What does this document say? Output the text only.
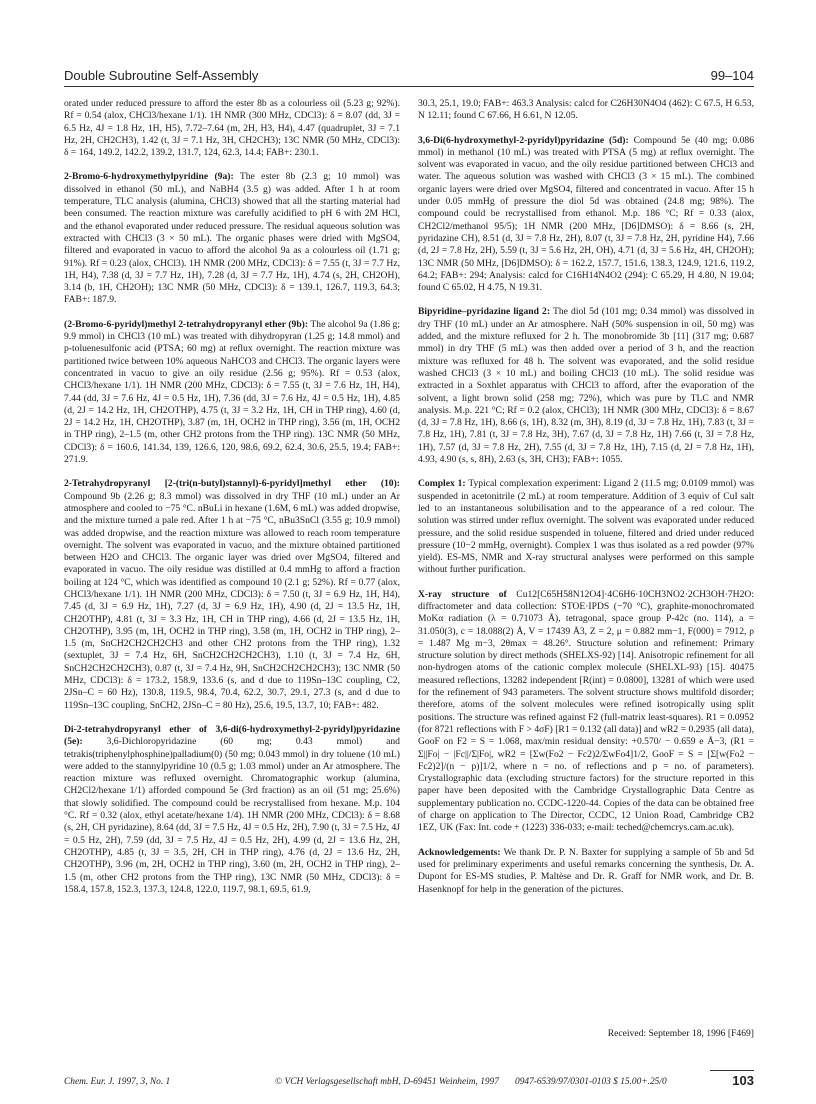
Double Subroutine Self-Assembly	99–104

orated under reduced pressure to afford the ester 8b as a colourless oil (5.23 g; 92%). Rf = 0.54 (alox, CHCl3/hexane 1/1). 1H NMR (300 MHz, CDCl3): δ = 8.07 (dd, 3J = 6.5 Hz, 4J = 1.8 Hz, 1H, H5), 7.72–7.64 (m, 2H, H3, H4), 4.47 (quadruplet, 3J = 7.1 Hz, 2H, CH2CH3), 1.42 (t, 3J = 7.1 Hz, 3H, CH2CH3); 13C NMR (50 MHz, CDCl3): δ = 164, 149.2, 142.2, 139.2, 131.7, 124, 62.3, 14.4; FAB+: 230.1.

2-Bromo-6-hydroxymethylpyridine (9a): The ester 8b (2.3 g; 10 mmol) was dissolved in ethanol (50 mL), and NaBH4 (3.5 g) was added. After 1 h at room temperature, TLC analysis (alumina, CHCl3) showed that all the starting material had been consumed. The reaction mixture was carefully acidified to pH 6 with 2M HCl, and the ethanol evaporated under reduced pressure. The residual aqueous solution was extracted with CHCl3 (3 × 50 mL). The organic phases were dried with MgSO4, filtered and evaporated in vacuo to afford the alcohol 9a as a colourless oil (1.71 g; 91%). Rf = 0.23 (alox, CHCl3). 1H NMR (200 MHz, CDCl3): δ = 7.55 (t, 3J = 7.7 Hz, 1H, H4), 7.38 (d, 3J = 7.7 Hz, 1H), 7.28 (d, 3J = 7.7 Hz, 1H), 4.74 (s, 2H, CH2OH), 3.14 (b, 1H, CH2OH); 13C NMR (50 MHz, CDCl3): δ = 139.1, 126.7, 119.3, 64.3; FAB+: 187.9.

(2-Bromo-6-pyridyl)methyl 2-tetrahydropyranyl ether (9b): The alcohol 9a (1.86 g; 9.9 mmol) in CHCl3 (10 mL) was treated with dihydropyran (1.25 g; 14.8 mmol) and p-toluenesulfonic acid (PTSA; 60 mg) at reflux overnight. The reaction mixture was partitioned twice between 10% aqueous NaHCO3 and CHCl3. The organic layers were concentrated in vacuo to give an oily residue (2.56 g; 95%). Rf = 0.53 (alox, CHCl3/hexane 1/1). 1H NMR (200 MHz, CDCl3): δ = 7.55 (t, 3J = 7.6 Hz, 1H, H4), 7.44 (dd, 3J = 7.6 Hz, 4J = 0.5 Hz, 1H), 7.36 (dd, 3J = 7.6 Hz, 4J = 0.5 Hz, 1H), 4.85 (d, 2J = 14.2 Hz, 1H, CH2OTHP), 4.75 (t, 3J = 3.2 Hz, 1H, CH in THP ring), 4.60 (d, 2J = 14.2 Hz, 1H, CH2OTHP), 3.87 (m, 1H, OCH2 in THP ring), 3.56 (m, 1H, OCH2 in THP ring), 2–1.5 (m, other CH2 protons from the THP ring). 13C NMR (50 MHz, CDCl3): δ = 160.6, 141.34, 139, 126.6, 120, 98.6, 69.2, 62.4, 30.6, 25.5, 19.4; FAB+: 271.9.

2-Tetrahydropyranyl [2-(tri(n-butyl)stannyl)-6-pyridyl]methyl ether (10): Compound 9b (2.26 g; 8.3 mmol) was dissolved in dry THF (10 mL) under an Ar atmosphere and cooled to −75 °C. nBuLi in hexane (1.6M, 6 mL) was added dropwise, and the mixture turned a pale red. After 1 h at −75 °C, nBu3SnCl (3.55 g; 10.9 mmol) was added dropwise, and the reaction mixture was allowed to reach room temperature overnight. The solvent was evaporated in vacuo, and the mixture obtained partitioned between H2O and CHCl3. The organic layer was dried over MgSO4, filtered and evaporated in vacuo. The oily residue was distilled at 0.4 mmHg to afford a fraction boiling at 124 °C, which was identified as compound 10 (2.1 g; 52%). Rf = 0.77 (alox, CHCl3/hexane 1/1). 1H NMR (200 MHz, CDCl3): δ = 7.50 (t, 3J = 6.9 Hz, 1H, H4), 7.45 (d, 3J = 6.9 Hz, 1H), 7.27 (d, 3J = 6.9 Hz, 1H), 4.90 (d, 2J = 13.5 Hz, 1H, CH2OTHP), 4.81 (t, 3J = 3.3 Hz, 1H, CH in THP ring), 4.66 (d, 2J = 13.5 Hz, 1H, CH2OTHP), 3.95 (m, 1H, OCH2 in THP ring), 3.58 (m, 1H, OCH2 in THP ring), 2–1.5 (m, SnCH2CH2CH2CH3 and other CH2 protons from the THP ring), 1.32 (sextuplet, 3J = 7.4 Hz, 6H, SnCH2CH2CH2CH3), 1.10 (t, 3J = 7.4 Hz, 6H, SnCH2CH2CH2CH3), 0.87 (t, 3J = 7.4 Hz, 9H, SnCH2CH2CH2CH3); 13C NMR (50 MHz, CDCl3): δ = 173.2, 158.9, 133.6 (s, and d due to 119Sn–13C coupling, C2, 2JSn–C = 60 Hz), 130.8, 119.5, 98.4, 70.4, 62.2, 30.7, 29.1, 27.3 (s, and d due to 119Sn–13C coupling, SnCH2, 2JSn–C = 80 Hz), 25.6, 19.5, 13.7, 10; FAB+: 482.

Di-2-tetrahydropyranyl ether of 3,6-di(6-hydroxymethyl-2-pyridyl)pyridazine (5e): 3,6-Dichloropyridazine (60 mg; 0.43 mmol) and tetrakis(triphenylphosphine)palladium(0) (50 mg; 0.043 mmol) in dry toluene (10 mL) were added to the stannylpyridine 10 (0.5 g; 1.03 mmol) under an Ar atmosphere. The reaction mixture was refluxed overnight. Chromatographic workup (alumina, CH2Cl2/hexane 1/1) afforded compound 5e (3rd fraction) as an oil (51 mg; 25.6%) that slowly solidified. The compound could be recrystallised from hexane. M.p. 104 °C. Rf = 0.32 (alox, ethyl acetate/hexane 1/4). 1H NMR (200 MHz, CDCl3): δ = 8.68 (s, 2H, CH pyridazine), 8.64 (dd, 3J = 7.5 Hz, 4J = 0.5 Hz, 2H), 7.90 (t, 3J = 7.5 Hz, 4J = 0.5 Hz, 2H), 7.59 (dd, 3J = 7.5 Hz, 4J = 0.5 Hz, 2H), 4.99 (d, 2J = 13.6 Hz, 2H, CH2OTHP), 4.85 (t, 3J = 3.5, 2H, CH in THP ring), 4.76 (d, 2J = 13.6 Hz, 2H, CH2OTHP), 3.96 (m, 2H, OCH2 in THP ring), 3.60 (m, 2H, OCH2 in THP ring), 2–1.5 (m, other CH2 protons from the THP ring), 13C NMR (50 MHz, CDCl3): δ = 158.4, 157.8, 152.3, 137.3, 124.8, 122.0, 119.7, 98.1, 69.5, 61.9,

30.3, 25.1, 19.0; FAB+: 463.3 Analysis: calcd for C26H30N4O4 (462): C 67.5, H 6.53, N 12.11; found C 67.66, H 6.61, N 12.05.

3,6-Di(6-hydroxymethyl-2-pyridyl)pyridazine (5d): Compound 5e (40 mg; 0.086 mmol) in methanol (10 mL) was treated with PTSA (5 mg) at reflux overnight. The solvent was evaporated in vacuo, and the oily residue partitioned between CHCl3 and water. The aqueous solution was washed with CHCl3 (3 × 15 mL). The combined organic layers were dried over MgSO4, filtered and concentrated in vacuo. After 15 h under 0.05 mmHg of pressure the diol 5d was obtained (24.8 mg; 98%). The compound could be recrystallised from ethanol. M.p. 186 °C; Rf = 0.33 (alox, CH2Cl2/methanol 95/5); 1H NMR (200 MHz, [D6]DMSO): δ = 8.66 (s, 2H, pyridazine CH), 8.51 (d, 3J = 7.8 Hz, 2H), 8.07 (t, 3J = 7.8 Hz, 2H, pyridine H4), 7.66 (d, 2J = 7.8 Hz, 2H), 5.59 (t, 3J = 5.6 Hz, 2H, OH), 4.71 (d, 3J = 5.6 Hz, 4H, CH2OH); 13C NMR (50 MHz, [D6]DMSO): δ = 162.2, 157.7, 151.6, 138.3, 124.9, 121.6, 119.2, 64.2; FAB+: 294; Analysis: calcd for C16H14N4O2 (294): C 65.29, H 4.80, N 19.04; found C 65.02, H 4.75, N 19.31.

Bipyridine–pyridazine ligand 2: The diol 5d (101 mg; 0.34 mmol) was dissolved in dry THF (10 mL) under an Ar atmosphere. NaH (50% suspension in oil, 50 mg) was added, and the mixture refluxed for 2 h. The monobromide 3b [11] (317 mg; 0.687 mmol) in dry THF (5 mL) was then added over a period of 3 h, and the reaction mixture was refluxed for 48 h. The solvent was evaporated, and the solid residue washed CHCl3 (3 × 10 mL) and boiling CHCl3 (10 mL). The solid residue was extracted in a Soxhlet apparatus with CHCl3 to afford, after the evaporation of the solvent, a light brown solid (258 mg; 72%), which was pure by TLC and NMR analysis. M.p. 221 °C; Rf = 0.2 (alox, CHCl3); 1H NMR (300 MHz, CDCl3): δ = 8.67 (d, 3J = 7.8 Hz, 1H), 8.66 (s, 1H), 8.32 (m, 3H), 8.19 (d, 3J = 7.8 Hz, 1H), 7.83 (t, 3J = 7.8 Hz, 1H), 7.81 (t, 3J = 7.8 Hz, 3H), 7.67 (d, 3J = 7.8 Hz, 1H) 7.66 (t, 3J = 7.8 Hz, 1H), 7.57 (d, 3J = 7.8 Hz, 2H), 7.55 (d, 3J = 7.8 Hz, 1H), 7.15 (d, 2J = 7.8 Hz, 1H), 4.93, 4.90 (s, s, 8H), 2.63 (s, 3H, CH3); FAB+: 1055.

Complex 1: Typical complexation experiment: Ligand 2 (11.5 mg; 0.0109 mmol) was suspended in acetonitrile (2 mL) at room temperature. Addition of 3 equiv of CuI salt led to an instantaneous solubilisation and to the appearance of a red colour. The solution was stirred under reflux overnight. The solvent was evaporated under reduced pressure, and the solid residue suspended in toluene, filtered and dried under reduced pressure (10−2 mmHg, overnight). Complex 1 was thus isolated as a red powder (97% yield). ES-MS, NMR and X-ray structural analyses were performed on this sample without further purification.

X-ray structure of Cu12[C65H58N12O4]·4C6H6·10CH3NO2·2CH3OH·7H2O: diffractometer and data collection: STOE·IPDS (−70 °C), graphite-monochromated MoKα radiation (λ = 0.71073 Å), tetragonal, space group P-42c (no. 114), a = 31.050(3), c = 18.088(2) Å, V = 17439 Å3, Z = 2, μ = 0.882 mm−1, F(000) = 7912, ρ = 1.487 Mg m−3, 2θmax = 48.26°. Structure solution and refinement: Primary structure solution by direct methods (SHELXS-92) [14]. Anisotropic refinement for all non-hydrogen atoms of the cationic complex molecule (SHELXL-93) [15]. 40475 measured reflections, 13282 independent [R(int) = 0.0800], 13281 of which were used for the refinement of 943 parameters. The solvent structure shows multifold disorder; therefore, atoms of the solvent molecules were refined isotropically using split positions. The structure was refined against F2 (full-matrix least-squares). R1 = 0.0952 (for 8721 reflections with F > 4σF) [R1 = 0.132 (all data)] and wR2 = 0.2935 (all data), GooF on F2 = S = 1.068, max/min residual density: +0.570/ − 0.659 e Å−3, (R1 = Σ||Fo| − |Fc||/Σ|Fo|, wR2 = [Σw(Fo2 − Fc2)2/ΣwFo4]1/2, GooF = S = [Σ[w(Fo2 − Fc2)2]/(n − p)]1/2, where n = no. of reflections and p = no. of parameters). Crystallographic data (excluding structure factors) for the structure reported in this paper have been deposited with the Cambridge Crystallographic Data Centre as supplementary publication no. CCDC-1220-44. Copies of the data can be obtained free of charge on application to The Director, CCDC, 12 Union Road, Cambridge CB2 1EZ, UK (Fax: Int. code + (1223) 336-033; e-mail: teched@chemcrys.cam.ac.uk).

Acknowledgements: We thank Dr. P. N. Baxter for supplying a sample of 5b and 5d used for preliminary experiments and useful remarks concerning the synthesis, Dr. A. Dupont for ES-MS studies, P. Maltèse and Dr. R. Graff for NMR work, and Dr. B. Hasenknopf for help in the generation of the pictures.

Received: September 18, 1996 [F469]
Chem. Eur. J. 1997, 3, No. 1	© VCH Verlagsgesellschaft mbH, D-69451 Weinheim, 1997 0947-6539/97/0301-0103 $ 15.00+.25/0	103
